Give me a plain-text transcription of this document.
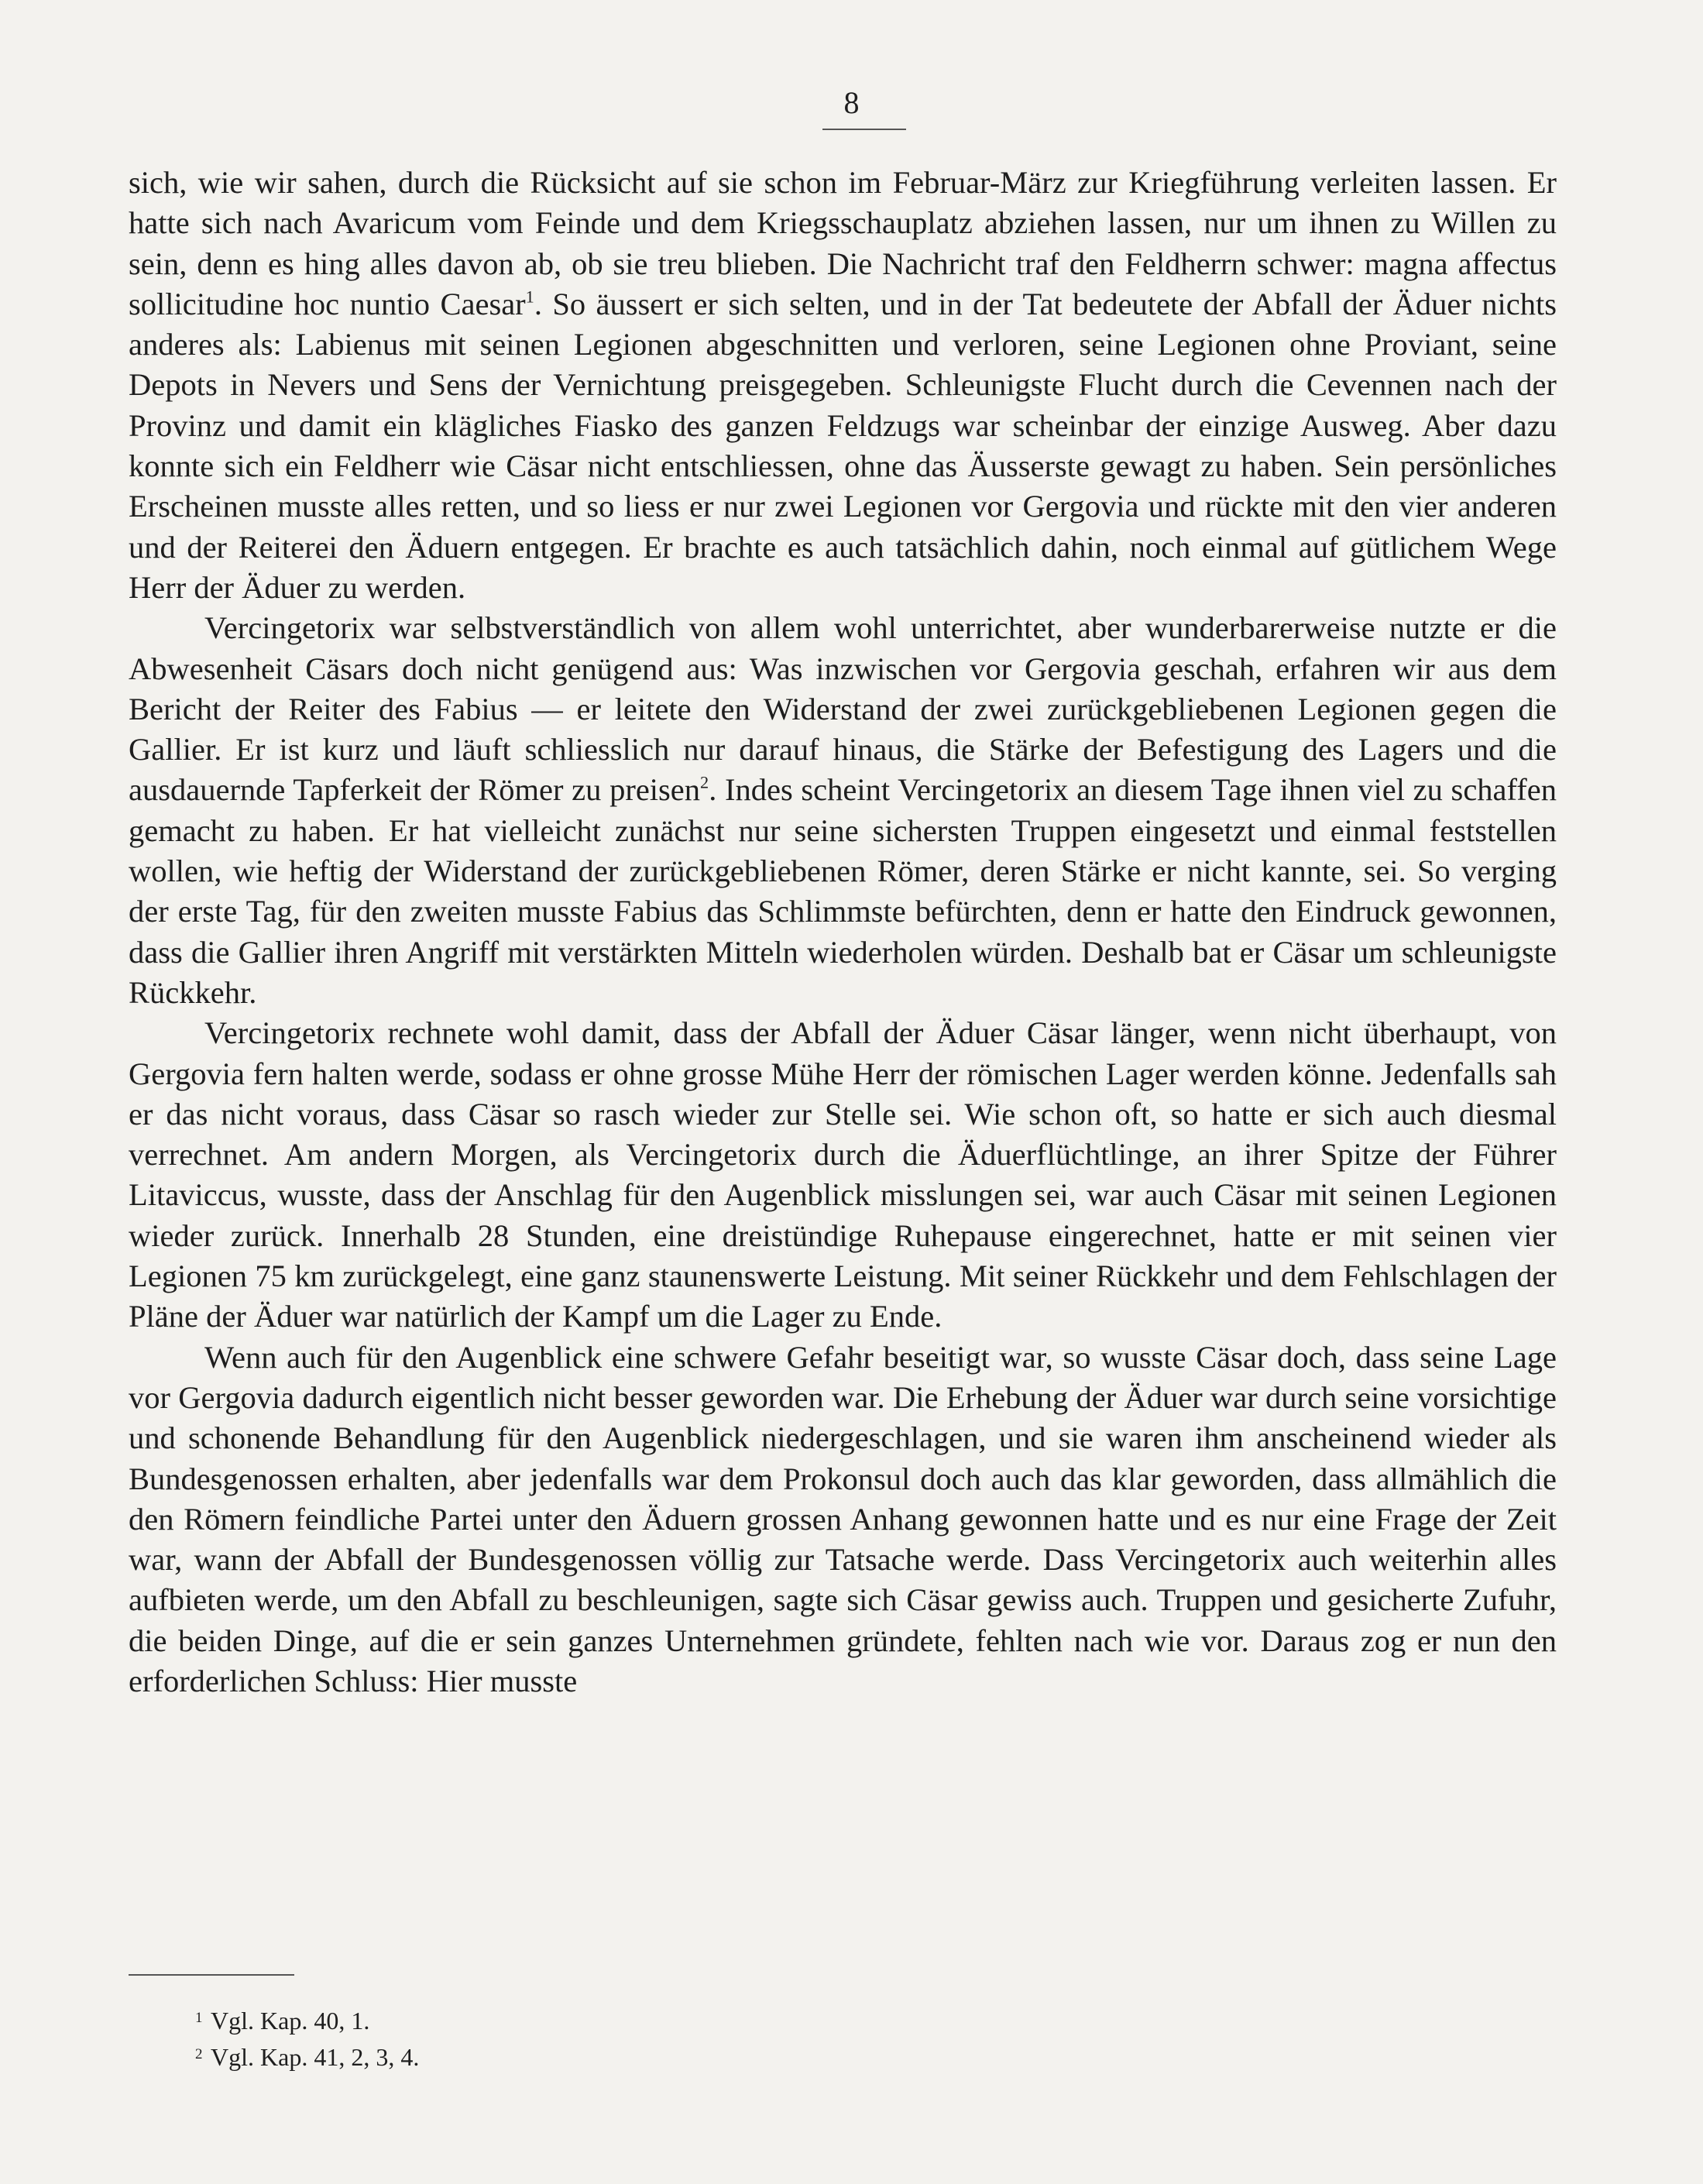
8

sich, wie wir sahen, durch die Rücksicht auf sie schon im Februar-März zur Kriegführung verleiten lassen. Er hatte sich nach Avaricum vom Feinde und dem Kriegsschauplatz abziehen lassen, nur um ihnen zu Willen zu sein, denn es hing alles davon ab, ob sie treu blieben. Die Nachricht traf den Feldherrn schwer: magna affectus sollicitudine hoc nuntio Caesar$^1$. So äussert er sich selten, und in der Tat bedeutete der Abfall der Äduer nichts anderes als: Labienus mit seinen Legionen abgeschnitten und verloren, seine Legionen ohne Proviant, seine Depots in Nevers und Sens der Vernichtung preisgegeben. Schleunigste Flucht durch die Cevennen nach der Provinz und damit ein klägliches Fiasko des ganzen Feldzugs war scheinbar der einzige Ausweg. Aber dazu konnte sich ein Feldherr wie Cäsar nicht entschliessen, ohne das Äusserste gewagt zu haben. Sein persönliches Erscheinen musste alles retten, und so liess er nur zwei Legionen vor Gergovia und rückte mit den vier anderen und der Reiterei den Äduern entgegen. Er brachte es auch tatsächlich dahin, noch einmal auf gütlichem Wege Herr der Äduer zu werden.

Vercingetorix war selbstverständlich von allem wohl unterrichtet, aber wunderbarerweise nutzte er die Abwesenheit Cäsars doch nicht genügend aus: Was inzwischen vor Gergovia geschah, erfahren wir aus dem Bericht der Reiter des Fabius — er leitete den Widerstand der zwei zurückgebliebenen Legionen gegen die Gallier. Er ist kurz und läuft schliesslich nur darauf hinaus, die Stärke der Befestigung des Lagers und die ausdauernde Tapferkeit der Römer zu preisen$^2$. Indes scheint Vercingetorix an diesem Tage ihnen viel zu schaffen gemacht zu haben. Er hat vielleicht zunächst nur seine sichersten Truppen eingesetzt und einmal feststellen wollen, wie heftig der Widerstand der zurückgebliebenen Römer, deren Stärke er nicht kannte, sei. So verging der erste Tag, für den zweiten musste Fabius das Schlimmste befürchten, denn er hatte den Eindruck gewonnen, dass die Gallier ihren Angriff mit verstärkten Mitteln wiederholen würden. Deshalb bat er Cäsar um schleunigste Rückkehr.

Vercingetorix rechnete wohl damit, dass der Abfall der Äduer Cäsar länger, wenn nicht überhaupt, von Gergovia fern halten werde, sodass er ohne grosse Mühe Herr der römischen Lager werden könne. Jedenfalls sah er das nicht voraus, dass Cäsar so rasch wieder zur Stelle sei. Wie schon oft, so hatte er sich auch diesmal verrechnet. Am andern Morgen, als Vercingetorix durch die Äduerflüchtlinge, an ihrer Spitze der Führer Litaviccus, wusste, dass der Anschlag für den Augenblick misslungen sei, war auch Cäsar mit seinen Legionen wieder zurück. Innerhalb 28 Stunden, eine dreistündige Ruhepause eingerechnet, hatte er mit seinen vier Legionen 75 km zurückgelegt, eine ganz staunenswerte Leistung. Mit seiner Rückkehr und dem Fehlschlagen der Pläne der Äduer war natürlich der Kampf um die Lager zu Ende.

Wenn auch für den Augenblick eine schwere Gefahr beseitigt war, so wusste Cäsar doch, dass seine Lage vor Gergovia dadurch eigentlich nicht besser geworden war. Die Erhebung der Äduer war durch seine vorsichtige und schonende Behandlung für den Augenblick niedergeschlagen, und sie waren ihm anscheinend wieder als Bundesgenossen erhalten, aber jedenfalls war dem Prokonsul doch auch das klar geworden, dass allmählich die den Römern feindliche Partei unter den Äduern grossen Anhang gewonnen hatte und es nur eine Frage der Zeit war, wann der Abfall der Bundesgenossen völlig zur Tatsache werde. Dass Vercingetorix auch weiterhin alles aufbieten werde, um den Abfall zu beschleunigen, sagte sich Cäsar gewiss auch. Truppen und gesicherte Zufuhr, die beiden Dinge, auf die er sein ganzes Unternehmen gründete, fehlten nach wie vor. Daraus zog er nun den erforderlichen Schluss: Hier musste

1 Vgl. Kap. 40, 1.
2 Vgl. Kap. 41, 2, 3, 4.
